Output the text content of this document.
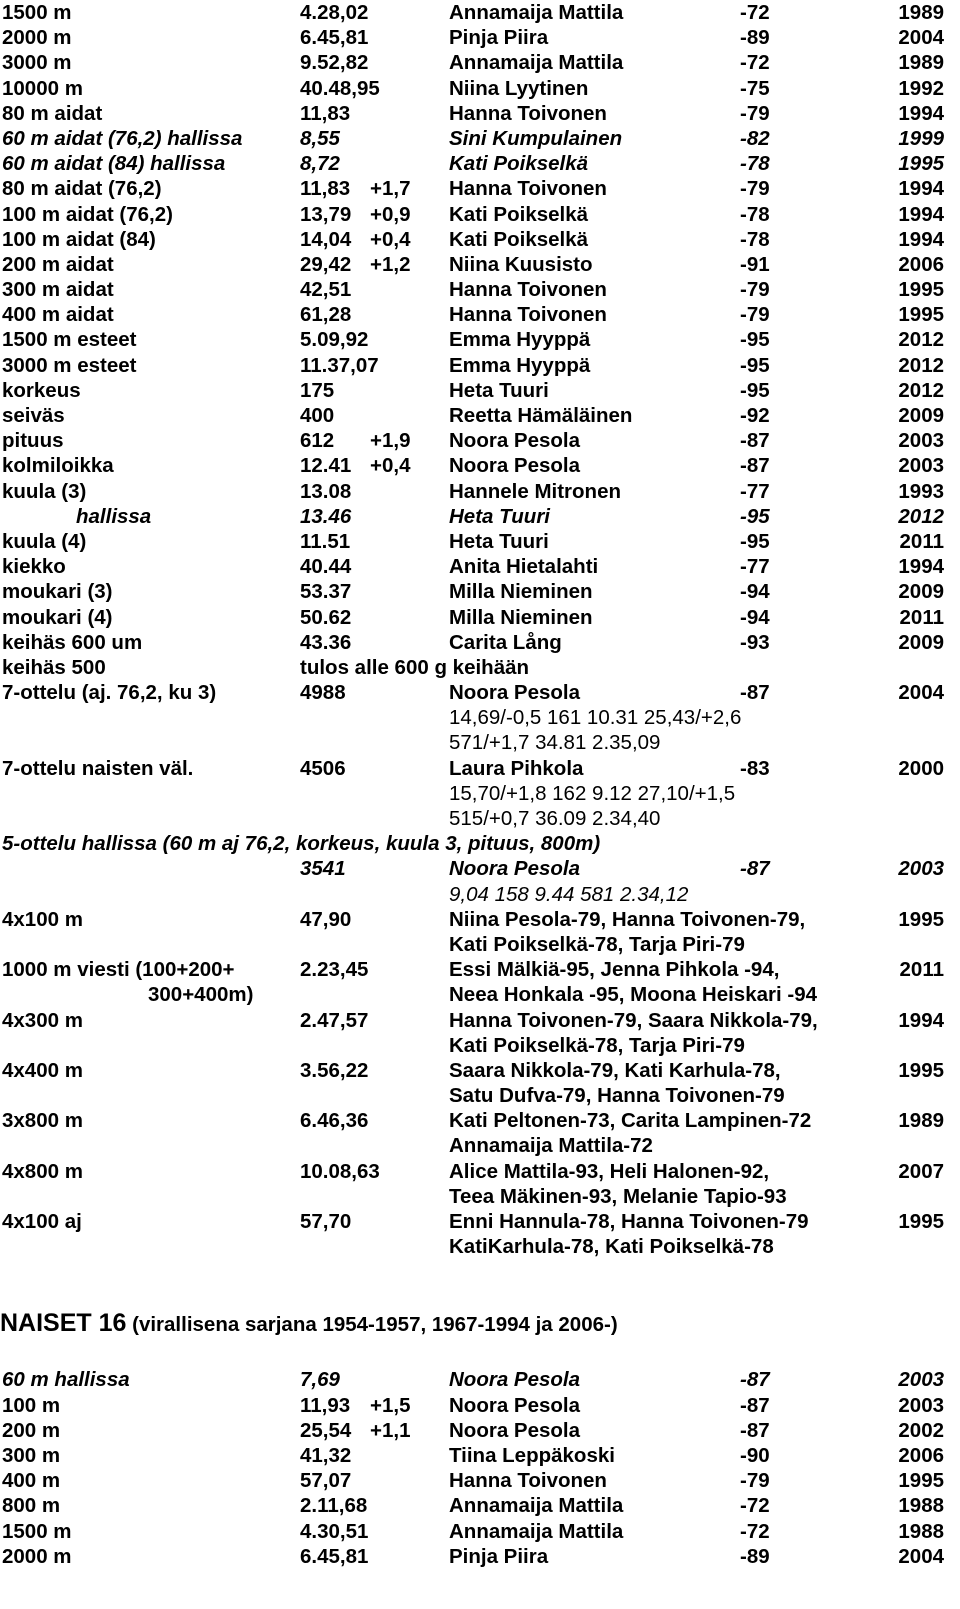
1500 m	4.28,02	Annamaija Mattila	-72	1989
2000 m	6.45,81	Pinja Piira	-89	2004
3000 m	9.52,82	Annamaija Mattila	-72	1989
10000 m	40.48,95	Niina Lyytinen	-75	1992
80 m aidat	11,83	Hanna Toivonen	-79	1994
60 m aidat (76,2) hallissa	8,55	Sini Kumpulainen	-82	1999
60 m aidat (84) hallissa	8,72	Kati Poikselkä	-78	1995
80 m aidat (76,2)	11,83 +1,7 Hanna Toivonen	-79	1994
100 m aidat (76,2)	13,79 +0,9 Kati Poikselkä	-78	1994
100 m aidat (84)	14,04 +0,4 Kati Poikselkä	-78	1994
200 m aidat	29,42 +1,2 Niina Kuusisto	-91	2006
300 m aidat	42,51	Hanna Toivonen	-79	1995
400 m aidat	61,28	Hanna Toivonen	-79	1995
1500 m esteet	5.09,92	Emma Hyyppä	-95	2012
3000 m esteet	11.37,07	Emma Hyyppä	-95	2012
korkeus	175	Heta Tuuri	-95	2012
seiväs	400	Reetta Hämäläinen	-92	2009
pituus	612 +1,9 Noora Pesola	-87	2003
kolmiloikka	12.41 +0,4 Noora Pesola	-87	2003
kuula (3)	13.08	Hannele Mitronen	-77	1993
hallissa	13.46	Heta Tuuri	-95	2012
kuula (4)	11.51	Heta Tuuri	-95	2011
kiekko	40.44	Anita Hietalahti	-77	1994
moukari (3)	53.37	Milla Nieminen	-94	2009
moukari (4)	50.62	Milla Nieminen	-94	2011
keihäs 600 um	43.36	Carita Lång	-93	2009
keihäs 500	tulos alle 600 g keihään
7-ottelu (aj. 76,2, ku 3)	4988	Noora Pesola	-87	2004
14,69/-0,5 161 10.31 25,43/+2,6
571/+1,7 34.81 2.35,09
7-ottelu naisten väl.	4506	Laura Pihkola	-83	2000
15,70/+1,8 162 9.12 27,10/+1,5
515/+0,7 36.09 2.34,40
5-ottelu hallissa (60 m aj 76,2, korkeus, kuula 3, pituus, 800m)
3541	Noora Pesola	-87	2003
9,04 158 9.44 581 2.34,12
4x100 m	47,90	Niina Pesola-79, Hanna Toivonen-79,	1995
Kati Poikselkä-78, Tarja Piri-79
1000 m viesti (100+200+	2.23,45	Essi Mälkiä-95, Jenna Pihkola -94,	2011
300+400m)	Neea Honkala -95, Moona Heiskari -94
4x300 m	2.47,57	Hanna Toivonen-79, Saara Nikkola-79,	1994
Kati Poikselkä-78, Tarja Piri-79
4x400 m	3.56,22	Saara Nikkola-79, Kati Karhula-78,	1995
Satu Dufva-79, Hanna Toivonen-79
3x800 m	6.46,36	Kati Peltonen-73, Carita Lampinen-72	1989
Annamaija Mattila-72
4x800 m	10.08,63	Alice Mattila-93, Heli Halonen-92,	2007
Teea Mäkinen-93, Melanie Tapio-93
4x100 aj	57,70	Enni Hannula-78, Hanna Toivonen-79	1995
KatiKarhula-78, Kati Poikselkä-78
NAISET 16 (virallisena sarjana 1954-1957, 1967-1994 ja 2006-)
60 m hallissa	7,69	Noora Pesola	-87	2003
100 m	11,93 +1,5 Noora Pesola	-87	2003
200 m	25,54 +1,1 Noora Pesola	-87	2002
300 m	41,32	Tiina Leppäkoski	-90	2006
400 m	57,07	Hanna Toivonen	-79	1995
800 m	2.11,68	Annamaija Mattila	-72	1988
1500 m	4.30,51	Annamaija Mattila	-72	1988
2000 m	6.45,81	Pinja Piira	-89	2004
